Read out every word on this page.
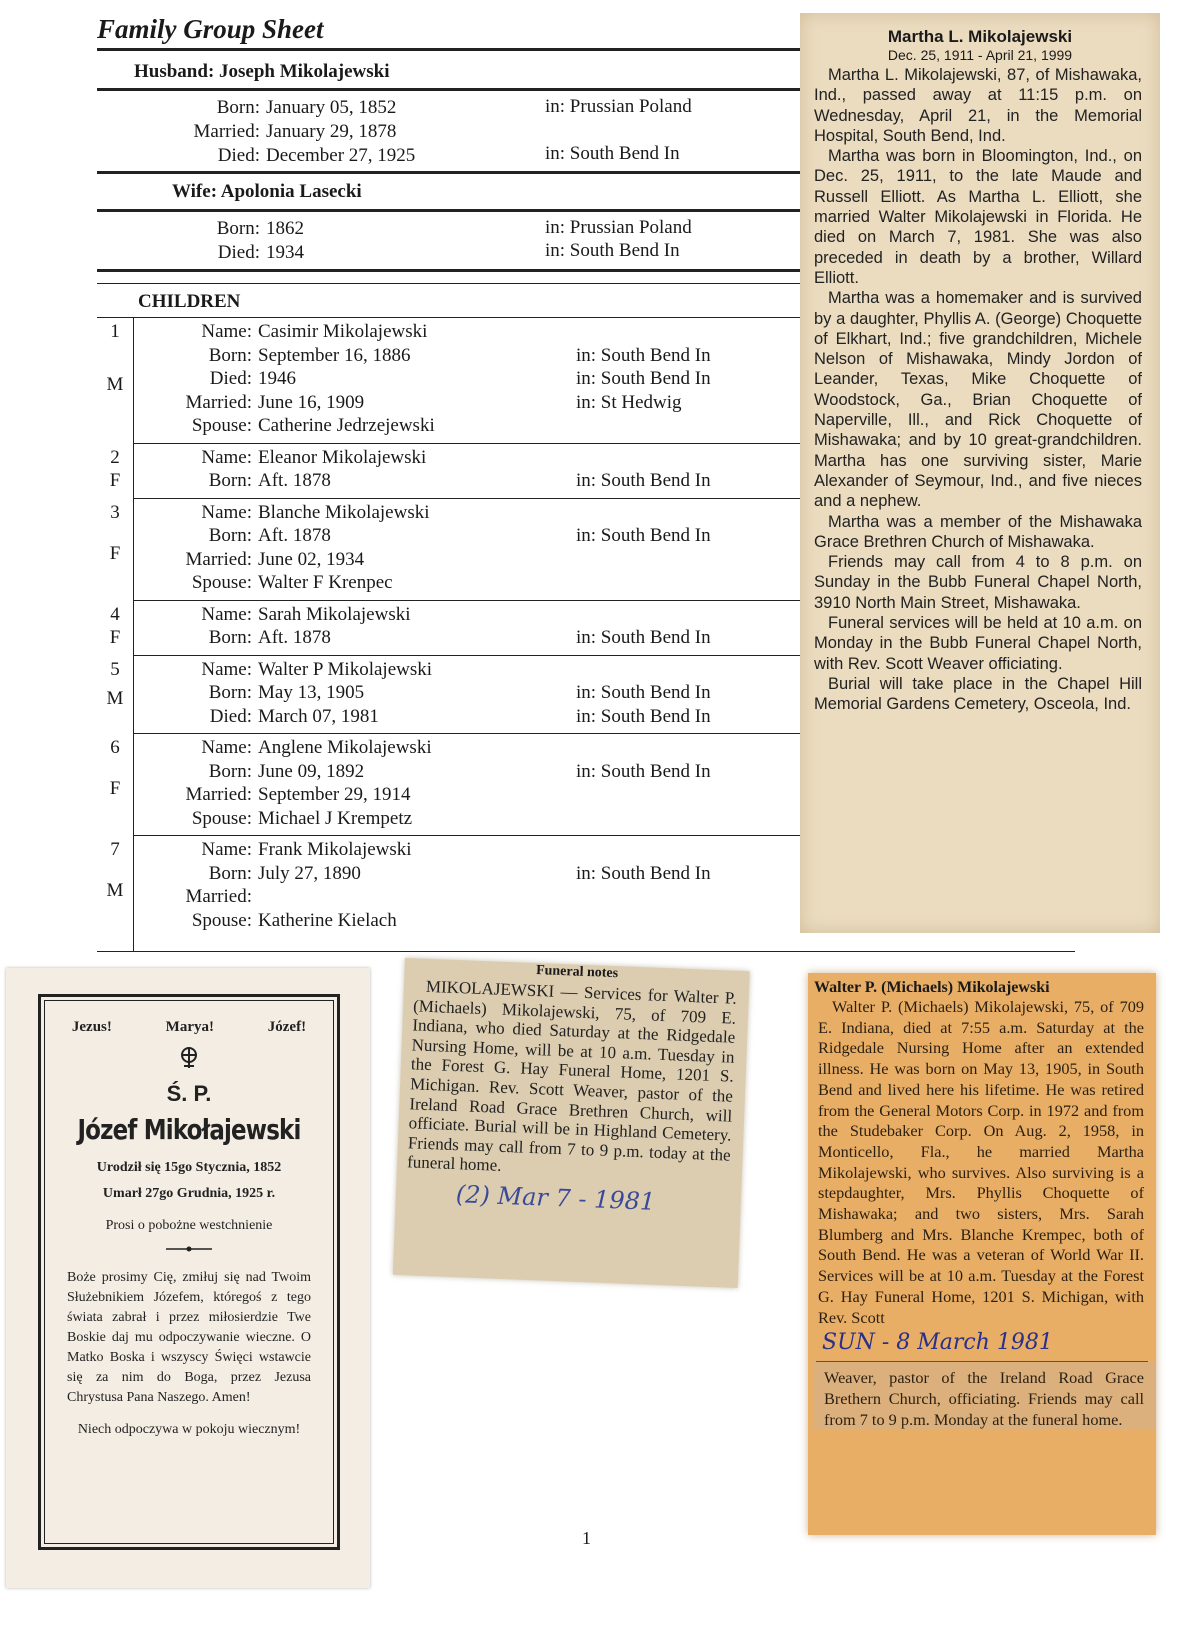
Family Group Sheet
Husband: Joseph Mikolajewski
Born: January 05, 1852	in: Prussian Poland
Married: January 29, 1878
Died: December 27, 1925	in: South Bend In
Wife: Apolonia Lasecki
Born: 1862	in: Prussian Poland
Died: 1934	in: South Bend In
CHILDREN
1
M
Name: Casimir Mikolajewski
Born: September 16, 1886	in: South Bend In
Died: 1946	in: South Bend In
Married: June 16, 1909	in: St Hedwig
Spouse: Catherine Jedrzejewski
2
F
Name: Eleanor Mikolajewski
Born: Aft. 1878	in: South Bend In
3
F
Name: Blanche Mikolajewski
Born: Aft. 1878	in: South Bend In
Married: June 02, 1934
Spouse: Walter F Krenpec
4
F
Name: Sarah Mikolajewski
Born: Aft. 1878	in: South Bend In
5
M
Name: Walter P Mikolajewski
Born: May 13, 1905	in: South Bend In
Died: March 07, 1981	in: South Bend In
6
F
Name: Anglene Mikolajewski
Born: June 09, 1892	in: South Bend In
Married: September 29, 1914
Spouse: Michael J Krempetz
7
M
Name: Frank Mikolajewski
Born: July 27, 1890	in: South Bend In
Married:
Spouse: Katherine Kielach
Martha L. Mikolajewski
Dec. 25, 1911 - April 21, 1999

Martha L. Mikolajewski, 87, of Mishawaka, Ind., passed away at 11:15 p.m. on Wednesday, April 21, in the Memorial Hospital, South Bend, Ind.

Martha was born in Bloomington, Ind., on Dec. 25, 1911, to the late Maude and Russell Elliott. As Martha L. Elliott, she married Walter Mikolajewski in Florida. He died on March 7, 1981. She was also preceded in death by a brother, Willard Elliott.

Martha was a homemaker and is survived by a daughter, Phyllis A. (George) Choquette of Elkhart, Ind.; five grandchildren, Michele Nelson of Mishawaka, Mindy Jordon of Leander, Texas, Mike Choquette of Woodstock, Ga., Brian Choquette of Naperville, Ill., and Rick Choquette of Mishawaka; and by 10 great-grandchildren. Martha has one surviving sister, Marie Alexander of Seymour, Ind., and five nieces and a nephew.

Martha was a member of the Mishawaka Grace Brethren Church of Mishawaka.

Friends may call from 4 to 8 p.m. on Sunday in the Bubb Funeral Chapel North, 3910 North Main Street, Mishawaka.

Funeral services will be held at 10 a.m. on Monday in the Bubb Funeral Chapel North, with Rev. Scott Weaver officiating.

Burial will take place in the Chapel Hill Memorial Gardens Cemetery, Osceola, Ind.

Jezus!	Marya!	Józef!
Ś. P.
Józef Mikołajewski
Urodził się 15go Stycznia, 1852
Umarł 27go Grudnia, 1925 r.
Prosi o pobożne westchnienie
Boże prosimy Cię, zmiłuj się nad Twoim Służebnikiem Józefem, któregoś z tego świata zabrał i przez miłosierdzie Twe Boskie daj mu odpoczywanie wieczne. O Matko Boska i wszyscy Święci wstawcie się za nim do Boga, przez Jezusa Chrystusa Pana Naszego. Amen!
Niech odpoczywa w pokoju wiecznym!
Funeral notes

MIKOLAJEWSKI — Services for Walter P. (Michaels) Mikolajewski, 75, of 709 E. Indiana, who died Saturday at the Ridgedale Nursing Home, will be at 10 a.m. Tuesday in the Forest G. Hay Funeral Home, 1201 S. Michigan. Rev. Scott Weaver, pastor of the Ireland Road Grace Brethren Church, will officiate. Burial will be in Highland Cemetery. Friends may call from 7 to 9 p.m. today at the funeral home.

(2) Mar 7 - 1981
Walter P. (Michaels) Mikolajewski

Walter P. (Michaels) Mikolajewski, 75, of 709 E. Indiana, died at 7:55 a.m. Saturday at the Ridgedale Nursing Home after an extended illness. He was born on May 13, 1905, in South Bend and lived here his lifetime. He was retired from the General Motors Corp. in 1972 and from the Studebaker Corp. On Aug. 2, 1958, in Monticello, Fla., he married Martha Mikolajewski, who survives. Also surviving is a stepdaughter, Mrs. Phyllis Choquette of Mishawaka; and two sisters, Mrs. Sarah Blumberg and Mrs. Blanche Krempec, both of South Bend. He was a veteran of World War II. Services will be at 10 a.m. Tuesday at the Forest G. Hay Funeral Home, 1201 S. Michigan, with Rev. Scott

SUN - 8 March 1981

Weaver, pastor of the Ireland Road Grace Brethern Church, officiating. Friends may call from 7 to 9 p.m. Monday at the funeral home.

1
